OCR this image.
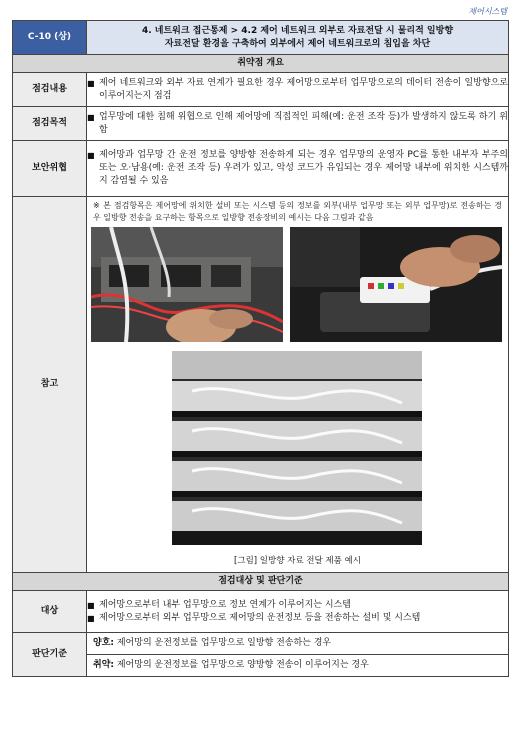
제어시스템
C-10 (상)	4. 네트워크 접근통제 > 4.2 제어 네트워크 외부로 자료전달 시 물리적 일방향
자료전달 환경을 구축하여 외부에서 제어 네트워크로의 침입을 차단

취약점 개요	
점검내용	■ 제어 네트워크와 외부 자료 연계가 필요한 경우 제어망으로부터 업무망으로의 데이터 전송이 일방향으로 이루어지는지 점검

점검목적	■ 업무망에 대한 침해 위협으로 인해 제어망에 직접적인 피해(예: 운전 조작 등)가 발생하지 않도록 하기 위함

보안위협	■ 제어망과 업무망 간 운전 정보를 양방향 전송하게 되는 경우 업무망의 운영자 PC를 통한 내부자 부주의 또는 오·남용(예: 운전 조작 등) 우려가 있고, 악성 코드가 유입되는 경우 제어망 내부에 위치한 시스템까지 감염될 수 있음

참고	※ 본 점검항목은 제어망에 위치한 설비 또는 시스템 등의 정보를 외부(내부 업무망 또는 외부 업무망)로 전송하는 경우 일방향 전송을 요구하는 항목으로 일방향 전송장비의 예시는 다음 그림과 같음
[그림] 일방향 자료 전달 제품 예시

점검대상 및 판단기준	
대상	■ 제어망으로부터 내부 업무망으로 정보 연계가 이루어지는 시스템
■ 제어망으로부터 외부 업무망으로 제어망의 운전정보 등을 전송하는 설비 및 시스템

판단기준	양호: 제어망의 운전정보를 업무망으로 일방향 전송하는 경우
	취약: 제어망의 운전정보를 업무망으로 양방향 전송이 이루어지는 경우
